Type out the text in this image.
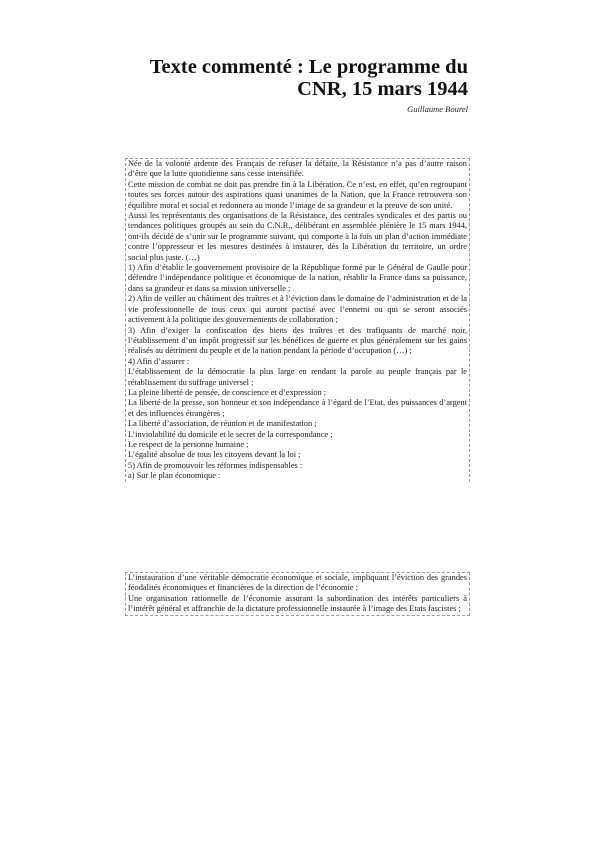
Texte commenté : Le programme du CNR, 15 mars 1944
Guillaume Bourel

Née de la volonté ardente des Français de refuser la défaite, la Résistance n’a pas d’autre raison d’être que la lutte quotidienne sans cesse intensifiée.

Cette mission de combat ne doit pas prendre fin à la Libération. Ce n’est, en effet, qu’en regroupant toutes ses forces autour des aspirations quasi unanimes de la Nation, que la France retrouvera son équilibre moral et social et redonnera au monde l’image de sa grandeur et la preuve de son unité.

Aussi les représentants des organisations de la Résistance, des centrales syndicales et des partis ou tendances politiques groupés au sein du C.N.R., délibérant en assemblée plénière le 15 mars 1944, ont-ils décidé de s’unir sur le programme suivant, qui comporte à la fois un plan d’action immédiate contre l’oppresseur et les mesures destinées à instaurer, dès la Libération du territoire, un ordre social plus juste. (…)

1) Afin d’établir le gouvernement provisoire de la République formé par le Général de Gaulle pour défendre l’indépendance politique et économique de la nation, rétablir la France dans sa puissance, dans sa grandeur et dans sa mission universelle ;

2) Afin de veiller au châtiment des traîtres et à l’éviction dans le domaine de l’administration et de la vie professionnelle de tous ceux qui auront pactisé avec l’ennemi ou qui se seront associés activement à la politique des gouvernements de collaboration ;

3) Afin d’exiger la confiscation des biens des traîtres et des trafiquants de marché noir, l’établissement d’un impôt progressif sur les bénéfices de guerre et plus généralement sur les gains réalisés au détriment du peuple et de la nation pendant la période d’occupation (…) ;

4) Afin d’assurer :

L’établissement de la démocratie la plus large en rendant la parole au peuple français par le rétablissement du suffrage universel ;

La pleine liberté de pensée, de conscience et d’expression ;

La liberté de la presse, son honneur et son indépendance à l’égard de l’Etat, des puissances d’argent et des influences étrangères ;

La liberté d’association, de réunion et de manifestation ;

L’inviolabilité du domicile et le secret de la correspondance ;

Le respect de la personne humaine ;

L’égalité absolue de tous les citoyens devant la loi ;

5) Afin de promouvoir les réformes indispensables :

a) Sur le plan économique :

L’instauration d’une véritable démocratie économique et sociale, impliquant l’éviction des grandes féodalités économiques et financières de la direction de l’économie ;

Une organisation rationnelle de l’économie assurant la subordination des intérêts particuliers à l’intérêt général et affranchie de la dictature professionnelle instaurée à l’image des Etats fascistes ;
